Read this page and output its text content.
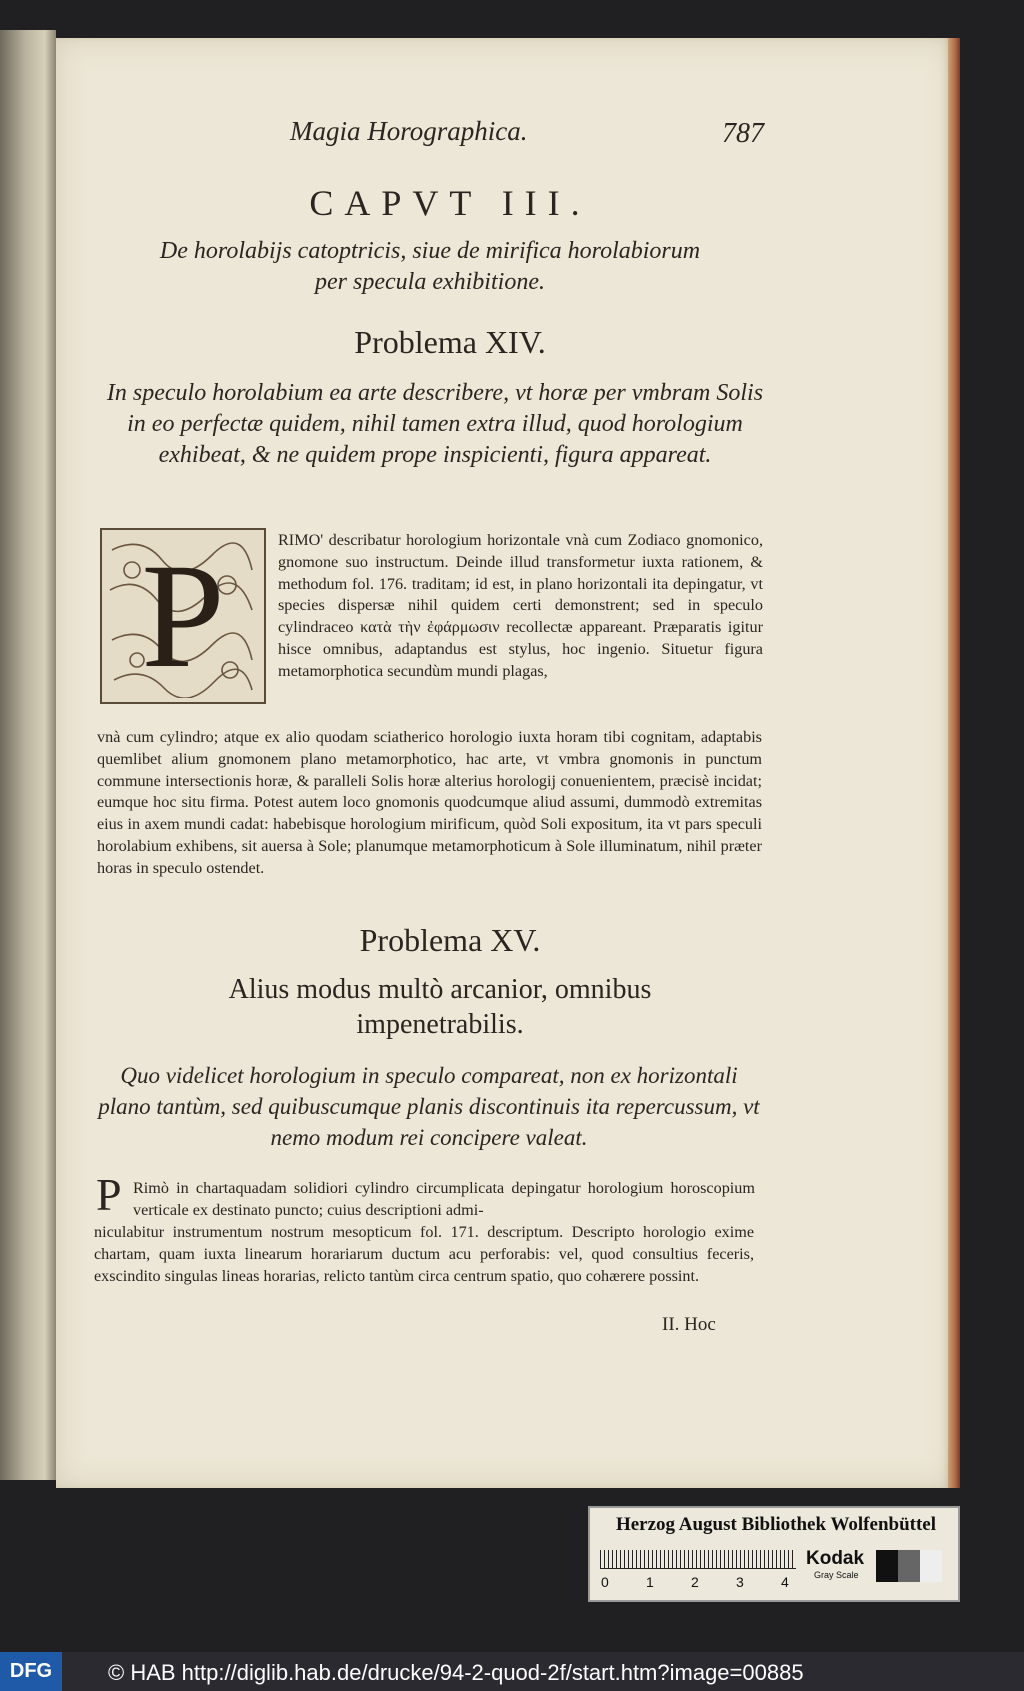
Magia Horographica.	787
CAPVT III.
De horolabijs catoptricis, siue de mirifica horolabiorum per specula exhibitione.
Problema XIV.
In speculo horolabium ea arte describere, vt horæ per vmbram Solis in eo perfectæ quidem, nihil tamen extra illud, quod horologium exhibeat, & ne quidem prope inspicienti, figura appareat.
P	RIMO' describatur horologium horizontale vnà cum Zodiaco gnomonico, gnomone suo instructum. Deinde illud transformetur iuxta rationem, & methodum fol. 176. traditam; id est, in plano horizontali ita depingatur, vt species dispersæ nihil quidem certi demonstrent; sed in speculo cylindraceo κατὰ τὴν ἐφάρμωσιν recollectæ appareant. Præparatis igitur hisce omnibus, adaptandus est stylus, hoc ingenio. Situetur figura metamorphotica secundùm mundi plagas,
vnà cum cylindro; atque ex alio quodam sciatherico horologio iuxta horam tibi cognitam, adaptabis quemlibet alium gnomonem plano metamorphotico, hac arte, vt vmbra gnomonis in punctum commune intersectionis horæ, & paralleli Solis horæ alterius horologij conuenientem, præcisè incidat; eumque hoc situ firma. Potest autem loco gnomonis quodcumque aliud assumi, dummodò extremitas eius in axem mundi cadat: habebisque horologium mirificum, quòd Soli expositum, ita vt pars speculi horolabium exhibens, sit auersa à Sole; planumque metamorphoticum à Sole illuminatum, nihil præter horas in speculo ostendet.
Problema XV.
Alius modus multò arcanior, omnibus impenetrabilis.
Quo videlicet horologium in speculo compareat, non ex horizontali plano tantùm, sed quibuscumque planis discontinuis ita repercussum, vt nemo modum rei concipere valeat.
P Rimò in chartaquadam solidiori cylindro circumplicata depingatur horologium horoscopium verticale ex destinato puncto; cuius descriptioni admi-
niculabitur instrumentum nostrum mesopticum fol. 171. descriptum. Descripto horologio exime chartam, quam iuxta linearum horariarum ductum acu perforabis: vel, quod consultius feceris, exscindito singulas lineas horarias, relicto tantùm circa centrum spatio, quo cohærere possint.
II. Hoc
Herzog August Bibliothek Wolfenbüttel
0	1	2	3	4
Kodak
Gray Scale
DFG	© HAB http://diglib.hab.de/drucke/94-2-quod-2f/start.htm?image=00885
